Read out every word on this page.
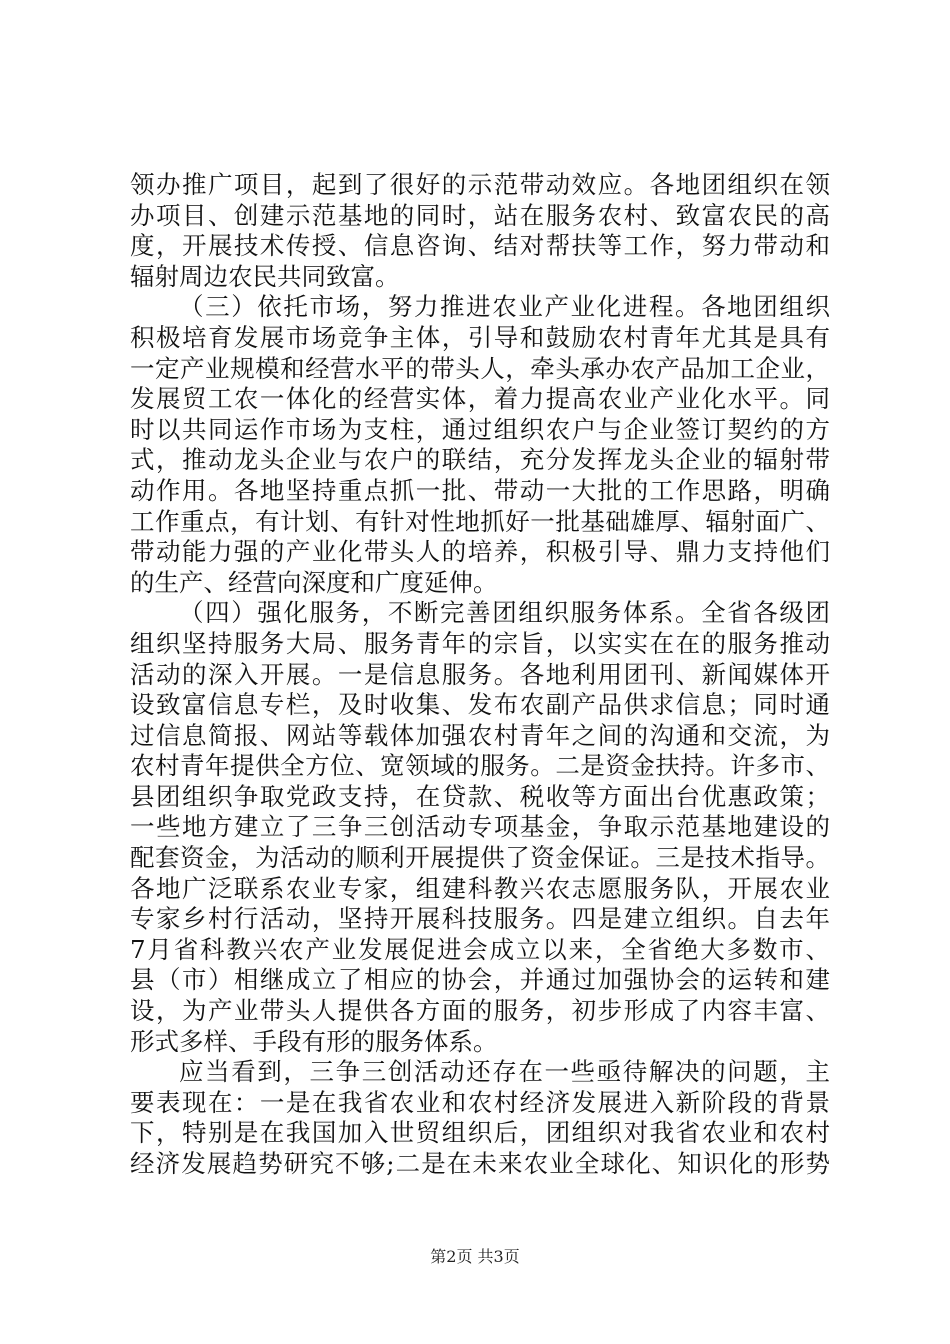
领办推广项目，起到了很好的示范带动效应。各地团组织在领
办项目、创建示范基地的同时，站在服务农村、致富农民的高
度，开展技术传授、信息咨询、结对帮扶等工作，努力带动和
辐射周边农民共同致富。
（三）依托市场，努力推进农业产业化进程。各地团组织
积极培育发展市场竞争主体，引导和鼓励农村青年尤其是具有
一定产业规模和经营水平的带头人，牵头承办农产品加工企业，
发展贸工农一体化的经营实体，着力提高农业产业化水平。同
时以共同运作市场为支柱，通过组织农户与企业签订契约的方
式，推动龙头企业与农户的联结，充分发挥龙头企业的辐射带
动作用。各地坚持重点抓一批、带动一大批的工作思路，明确
工作重点，有计划、有针对性地抓好一批基础雄厚、辐射面广、
带动能力强的产业化带头人的培养，积极引导、鼎力支持他们
的生产、经营向深度和广度延伸。
（四）强化服务，不断完善团组织服务体系。全省各级团
组织坚持服务大局、服务青年的宗旨，以实实在在的服务推动
活动的深入开展。一是信息服务。各地利用团刊、新闻媒体开
设致富信息专栏，及时收集、发布农副产品供求信息；同时通
过信息简报、网站等载体加强农村青年之间的沟通和交流，为
农村青年提供全方位、宽领域的服务。二是资金扶持。许多市、
县团组织争取党政支持，在贷款、税收等方面出台优惠政策；
一些地方建立了三争三创活动专项基金，争取示范基地建设的
配套资金，为活动的顺利开展提供了资金保证。三是技术指导。
各地广泛联系农业专家，组建科教兴农志愿服务队，开展农业
专家乡村行活动，坚持开展科技服务。四是建立组织。自去年
7月省科教兴农产业发展促进会成立以来，全省绝大多数市、
县（市）相继成立了相应的协会，并通过加强协会的运转和建
设，为产业带头人提供各方面的服务，初步形成了内容丰富、
形式多样、手段有形的服务体系。
应当看到，三争三创活动还存在一些亟待解决的问题，主
要表现在：一是在我省农业和农村经济发展进入新阶段的背景
下，特别是在我国加入世贸组织后，团组织对我省农业和农村
经济发展趋势研究不够;二是在未来农业全球化、知识化的形势
第2页 共3页
